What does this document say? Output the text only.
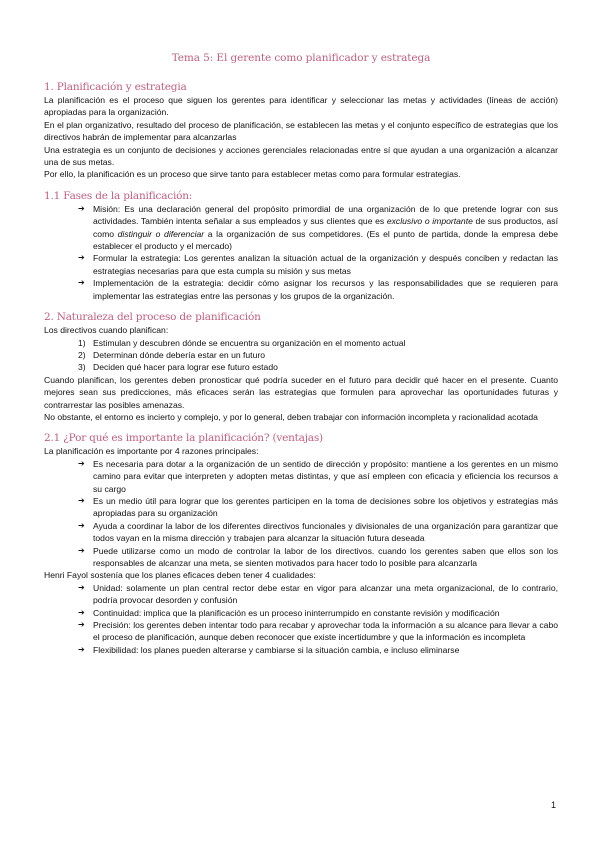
Tema 5: El gerente como planificador y estratega
1. Planificación y estrategia

La planificación es el proceso que siguen los gerentes para identificar y seleccionar las metas y actividades (líneas de acción) apropiadas para la organización.

En el plan organizativo, resultado del proceso de planificación, se establecen las metas y el conjunto específico de estrategias que los directivos habrán de implementar para alcanzarlas

Una estrategia es un conjunto de decisiones y acciones gerenciales relacionadas entre sí que ayudan a una organización a alcanzar una de sus metas.

Por ello, la planificación es un proceso que sirve tanto para establecer metas como para formular estrategias.

1.1 Fases de la planificación:
➔ Misión: Es una declaración general del propósito primordial de una organización de lo que pretende lograr con sus actividades. También intenta señalar a sus empleados y sus clientes que es exclusivo o importante de sus productos, así como distinguir o diferenciar a la organización de sus competidores. (Es el punto de partida, donde la empresa debe establecer el producto y el mercado)
➔ Formular la estrategia: Los gerentes analizan la situación actual de la organización y después conciben y redactan las estrategias necesarias para que esta cumpla su misión y sus metas
➔ Implementación de la estrategia: decidir cómo asignar los recursos y las responsabilidades que se requieren para implementar las estrategias entre las personas y los grupos de la organización.
2. Naturaleza del proceso de planificación

Los directivos cuando planifican:

1) Estimulan y descubren dónde se encuentra su organización en el momento actual
2) Determinan dónde debería estar en un futuro
3) Deciden qué hacer para lograr ese futuro estado

Cuando planifican, los gerentes deben pronosticar qué podría suceder en el futuro para decidir qué hacer en el presente. Cuanto mejores sean sus predicciones, más eficaces serán las estrategias que formulen para aprovechar las oportunidades futuras y contrarrestar las posibles amenazas.

No obstante, el entorno es incierto y complejo, y por lo general, deben trabajar con información incompleta y racionalidad acotada

2.1 ¿Por qué es importante la planificación? (ventajas)

La planificación es importante por 4 razones principales:

➔ Es necesaria para dotar a la organización de un sentido de dirección y propósito: mantiene a los gerentes en un mismo camino para evitar que interpreten y adopten metas distintas, y que así empleen con eficacia y eficiencia los recursos a su cargo
➔ Es un medio útil para lograr que los gerentes participen en la toma de decisiones sobre los objetivos y estrategias más apropiadas para su organización
➔ Ayuda a coordinar la labor de los diferentes directivos funcionales y divisionales de una organización para garantizar que todos vayan en la misma dirección y trabajen para alcanzar la situación futura deseada
➔ Puede utilizarse como un modo de controlar la labor de los directivos. cuando los gerentes saben que ellos son los responsables de alcanzar una meta, se sienten motivados para hacer todo lo posible para alcanzarla

Henri Fayol sostenía que los planes eficaces deben tener 4 cualidades:

➔ Unidad: solamente un plan central rector debe estar en vigor para alcanzar una meta organizacional, de lo contrario, podría provocar desorden y confusión
➔ Continuidad: implica que la planificación es un proceso ininterrumpido en constante revisión y modificación
➔ Precisión: los gerentes deben intentar todo para recabar y aprovechar toda la información a su alcance para llevar a cabo el proceso de planificación, aunque deben reconocer que existe incertidumbre y que la información es incompleta
➔ Flexibilidad: los planes pueden alterarse y cambiarse si la situación cambia, e incluso eliminarse
1
